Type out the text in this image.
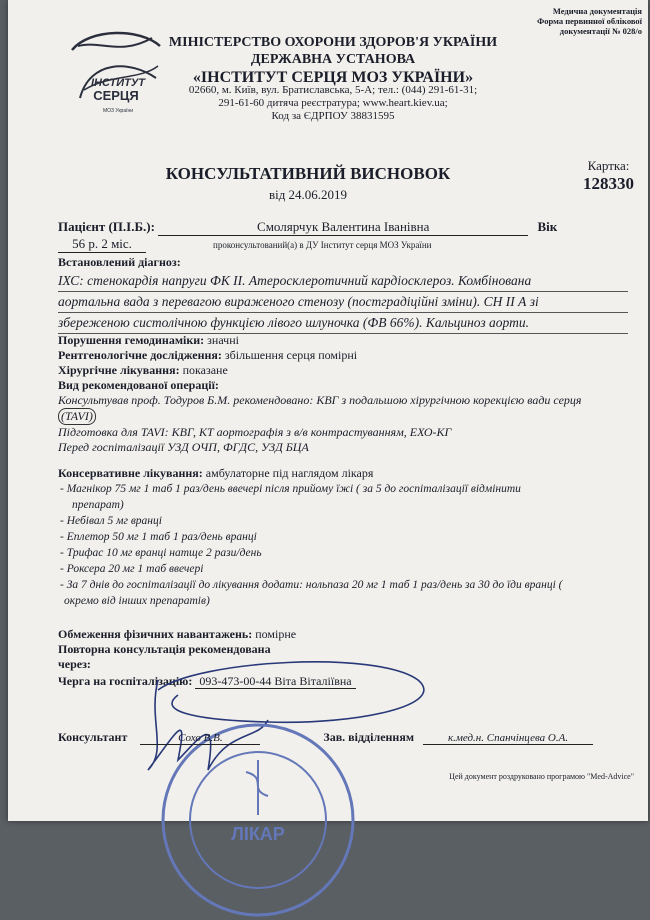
ІНСТИТУТ
СЕРЦЯ
МОЗ України
Медична документація
Форма первинної облікової
документації № 028/о
МІНІСТЕРСТВО ОХОРОНИ ЗДОРОВ'Я УКРАЇНИ
ДЕРЖАВНА УСТАНОВА
«ІНСТИТУТ СЕРЦЯ МОЗ УКРАЇНИ»
02660, м. Київ, вул. Братиславська, 5-А; тел.: (044) 291-61-31;
291-61-60 дитяча реєстратура; www.heart.kiev.ua;
Код за ЄДРПОУ 38831595
КОНСУЛЬТАТИВНИЙ ВИСНОВОК
від 24.06.2019
Картка:
128330
Пацієнт (П.І.Б.):	Смолярчук Валентина Іванівна	Вік 56 р. 2 міс.	проконсультований(а) в ДУ Інститут серця МОЗ України
Встановлений діагноз:
ІХС: стенокардія напруги ФК ІІ. Атеросклеротичний кардіосклероз. Комбінована
аортальна вада з перевагою вираженого стенозу (постградіційні зміни). СН ІІ А зі
збереженою систолічною функцією лівого шлуночка (ФВ 66%). Кальциноз аорти.
Порушення гемодинаміки: значні
Рентгенологічне дослідження: збільшення серця помірні
Хірургічне лікування: показане
Вид рекомендованої операції:
Консультував проф. Тодуров Б.М. рекомендовано: КВГ з подальшою хірургічною корекцією вади серця
(TAVI)
Підготовка для TAVI: КВГ, КТ аортографія з в/в контрастуванням, ЕХО-КГ
Перед госпіталізації УЗД ОЧП, ФГДС, УЗД БЦА
Консервативне лікування: амбулаторне під наглядом лікаря
- Магнікор 75 мг 1 таб 1 раз/день ввечері після прийому їжі ( за 5 до госпіталізації відмінити
препарат)
- Небівал 5 мг вранці
- Еплетор 50 мг 1 таб 1 раз/день вранці
- Трифас 10 мг вранці натще 2 рази/день
- Роксера 20 мг 1 таб ввечері
- За 7 днів до госпіталізації до лікування додати: нольпаза 20 мг 1 таб 1 раз/день за 30 до їди вранці (
окремо від інших препаратів)
Обмеження фізичних навантажень: помірне
Повторна консультація рекомендована
через:
Черга на госпіталізацію: 093-473-00-44 Віта Віталіївна
ЛІКАР
Консультант	Сохо В.В.	Зав. відділенням	к.мед.н. Спанчінцева О.А.
Цей документ роздруковано програмою "Med-Advice"
